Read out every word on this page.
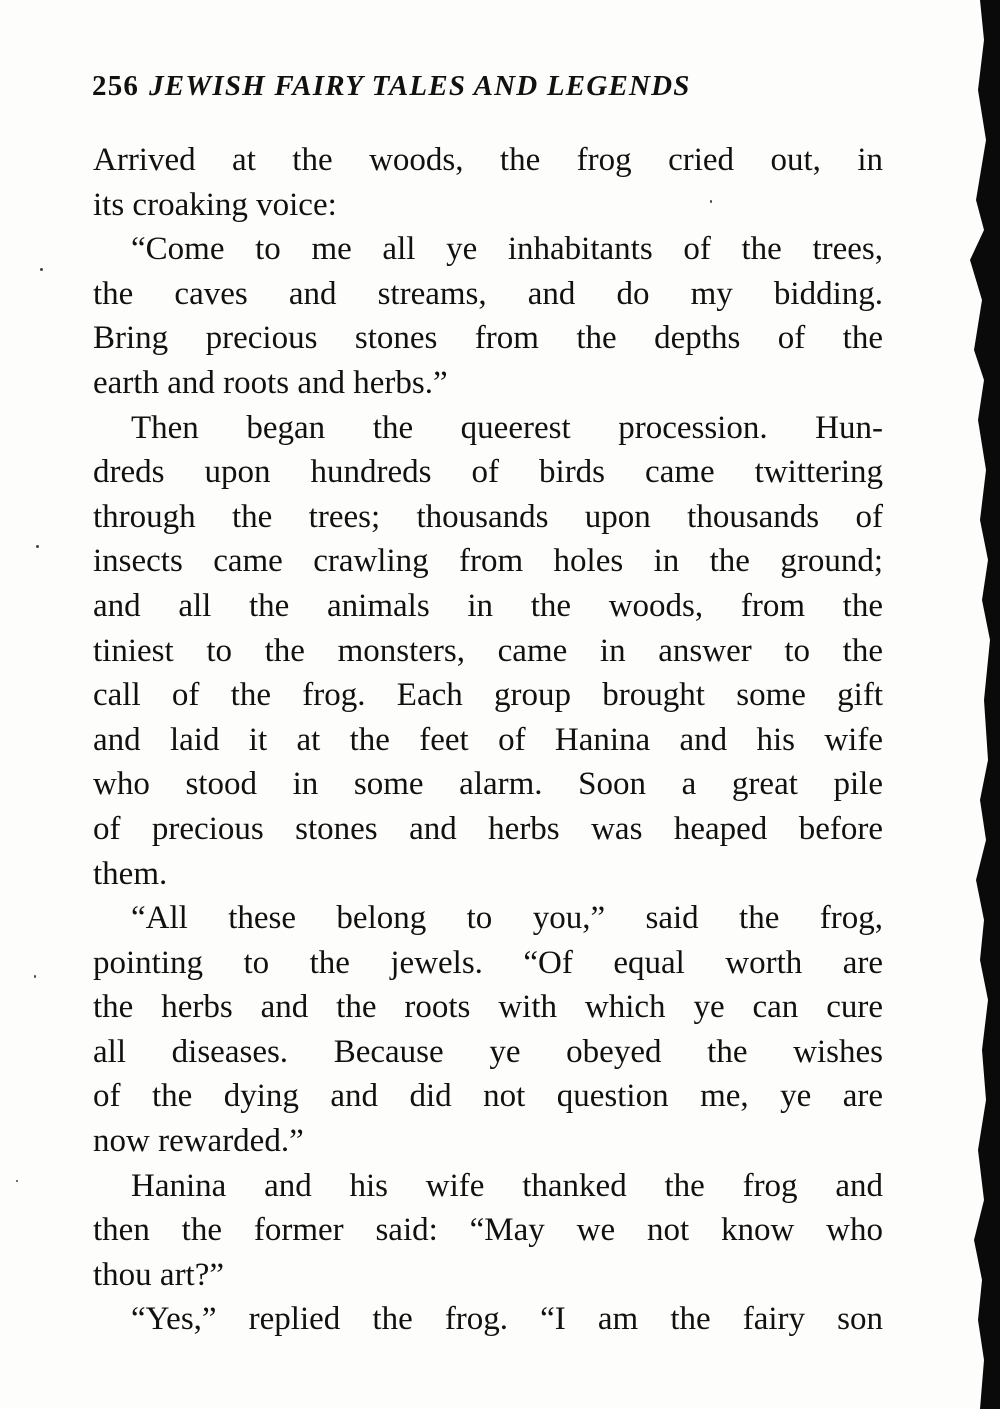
256 JEWISH FAIRY TALES AND LEGENDS
Arrived at the woods, the frog cried out, in
its croaking voice:
“Come to me all ye inhabitants of the trees,
the caves and streams, and do my bidding.
Bring precious stones from the depths of the
earth and roots and herbs.”
Then began the queerest procession. Hun-
dreds upon hundreds of birds came twittering
through the trees; thousands upon thousands of
insects came crawling from holes in the ground;
and all the animals in the woods, from the
tiniest to the monsters, came in answer to the
call of the frog. Each group brought some gift
and laid it at the feet of Hanina and his wife
who stood in some alarm. Soon a great pile
of precious stones and herbs was heaped before
them.
“All these belong to you,” said the frog,
pointing to the jewels. “Of equal worth are
the herbs and the roots with which ye can cure
all diseases. Because ye obeyed the wishes
of the dying and did not question me, ye are
now rewarded.”
Hanina and his wife thanked the frog and
then the former said: “May we not know who
thou art?”
“Yes,” replied the frog. “I am the fairy son
